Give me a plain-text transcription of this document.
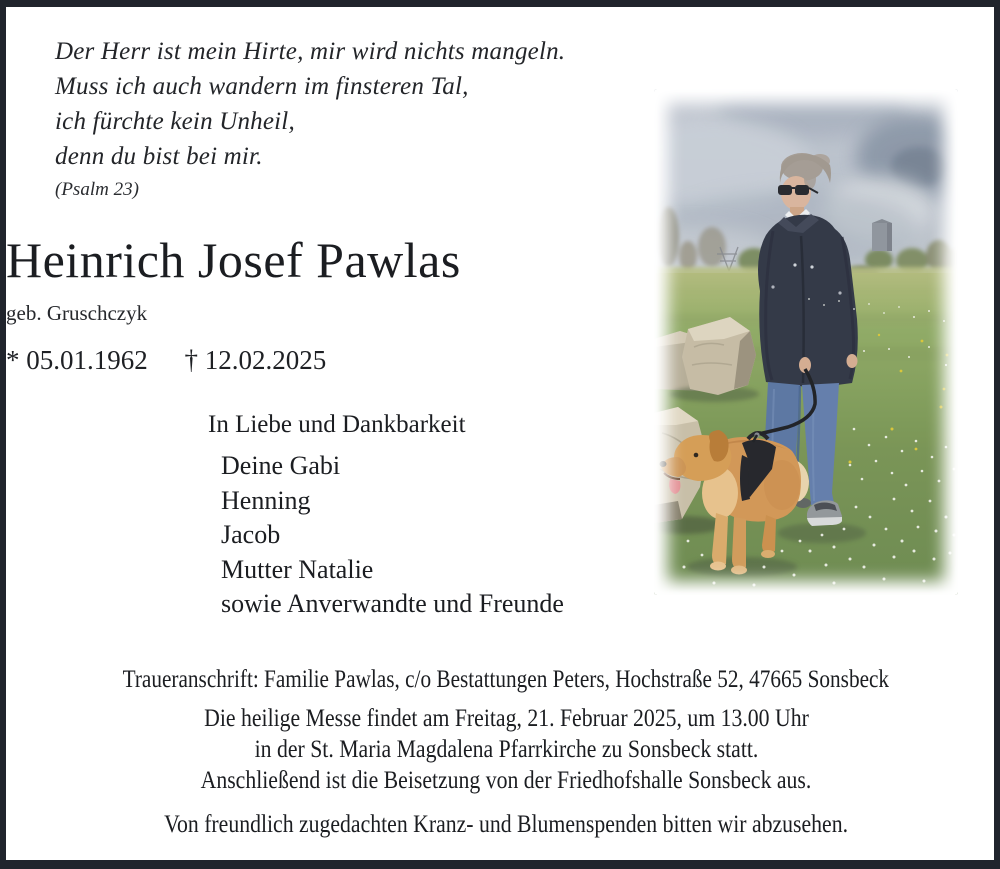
Der Herr ist mein Hirte, mir wird nichts mangeln.
Muss ich auch wandern im finsteren Tal,
ich fürchte kein Unheil,
denn du bist bei mir.
(Psalm 23)
Heinrich Josef Pawlas
geb. Gruschczyk
* 05.01.1962 † 12.02.2025
In Liebe und Dankbarkeit
Deine Gabi
Henning
Jacob
Mutter Natalie
sowie Anverwandte und Freunde
Traueranschrift: Familie Pawlas, c/o Bestattungen Peters, Hochstraße 52, 47665 Sonsbeck
Die heilige Messe findet am Freitag, 21. Februar 2025, um 13.00 Uhr
in der St. Maria Magdalena Pfarrkirche zu Sonsbeck statt.
Anschließend ist die Beisetzung von der Friedhofshalle Sonsbeck aus.
Von freundlich zugedachten Kranz- und Blumenspenden bitten wir abzusehen.
